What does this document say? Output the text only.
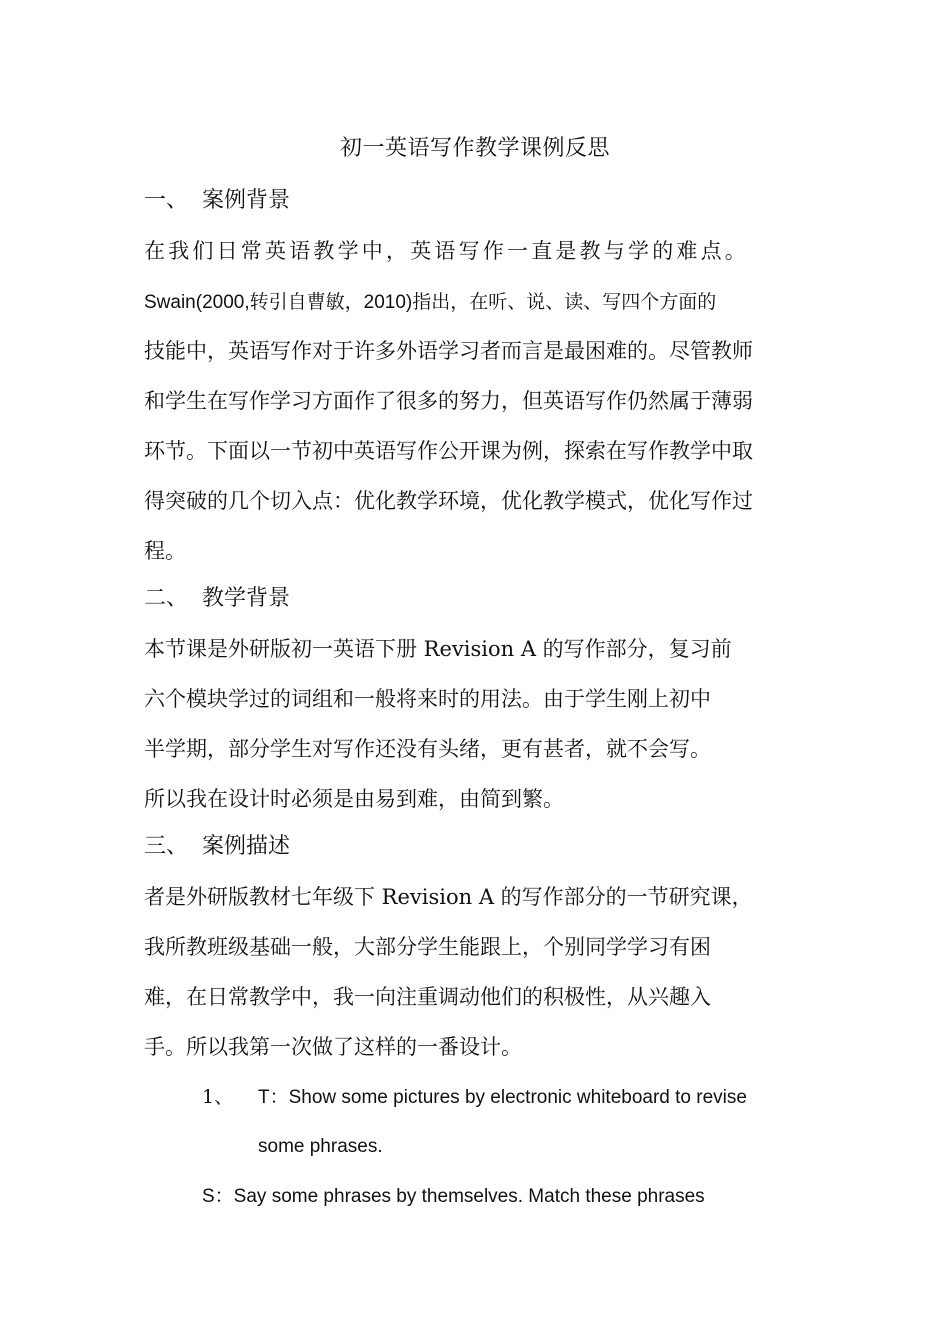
初一英语写作教学课例反思
一、 案例背景
在我们日常英语教学中，英语写作一直是教与学的难点。
Swain(2000,转引自曹敏，2010)指出，在听、说、读、写四个方面的
技能中，英语写作对于许多外语学习者而言是最困难的。尽管教师
和学生在写作学习方面作了很多的努力，但英语写作仍然属于薄弱
环节。下面以一节初中英语写作公开课为例，探索在写作教学中取
得突破的几个切入点：优化教学环境，优化教学模式，优化写作过
程。
二、 教学背景
本节课是外研版初一英语下册 Revision A 的写作部分，复习前
六个模块学过的词组和一般将来时的用法。由于学生刚上初中
半学期，部分学生对写作还没有头绪，更有甚者，就不会写。
所以我在设计时必须是由易到难，由简到繁。
三、 案例描述
者是外研版教材七年级下 Revision A 的写作部分的一节研究课，
我所教班级基础一般，大部分学生能跟上，个别同学学习有困
难，在日常教学中，我一向注重调动他们的积极性，从兴趣入
手。所以我第一次做了这样的一番设计。
1、 T：Show some pictures by electronic whiteboard to revise
some phrases.
S：Say some phrases by themselves. Match these phrases
